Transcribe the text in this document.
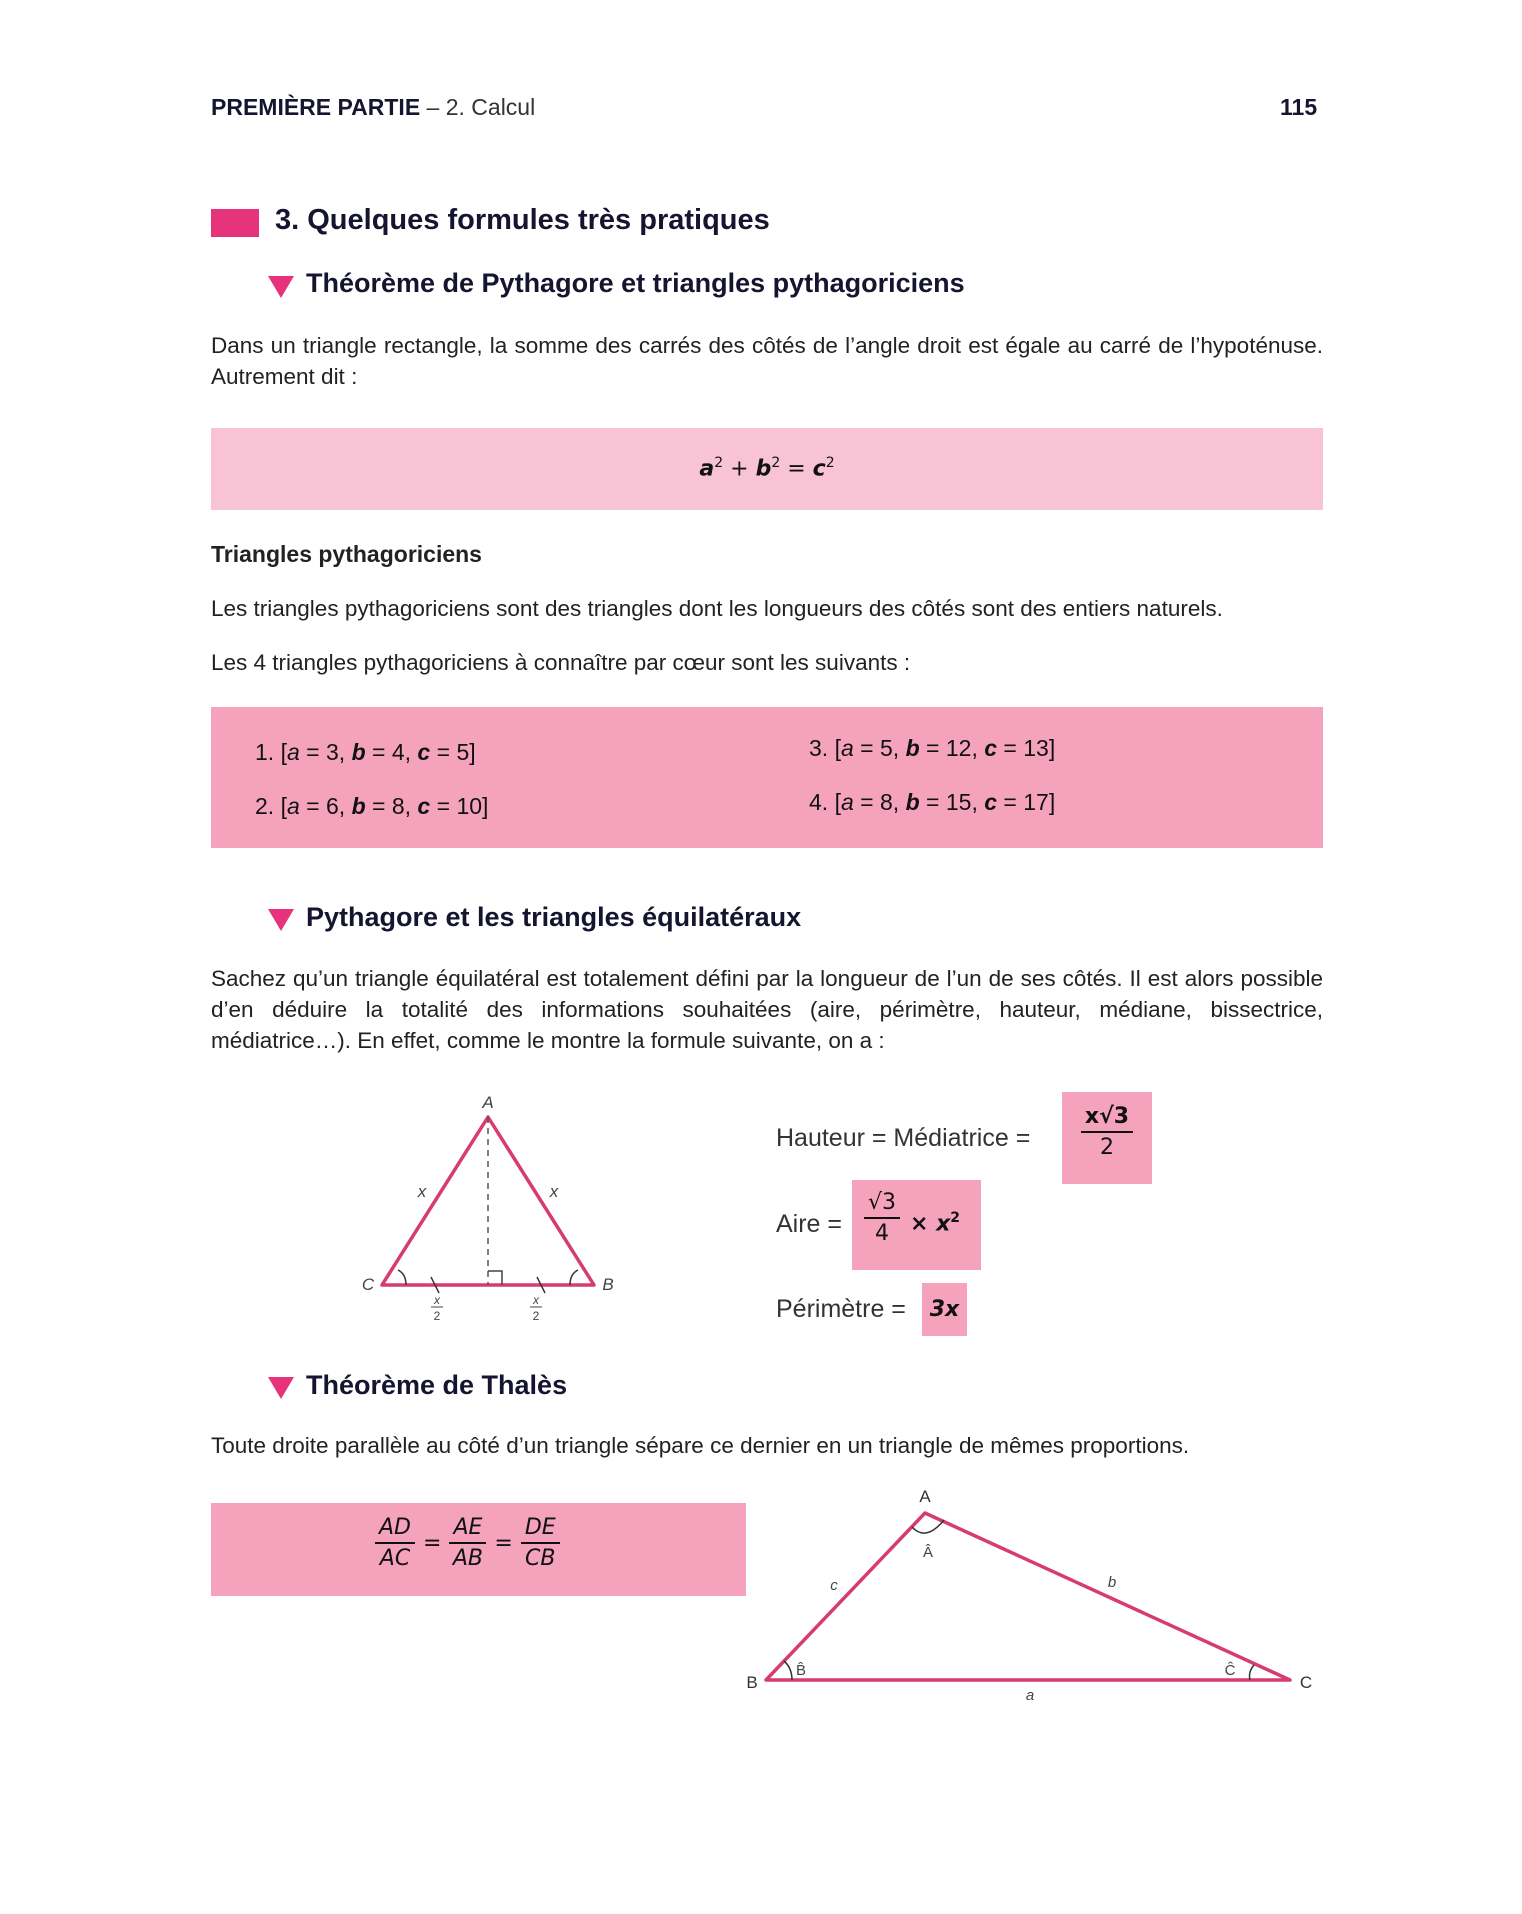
PREMIÈRE PARTIE – 2. Calcul	115
3. Quelques formules très pratiques
Théorème de Pythagore et triangles pythagoriciens
Dans un triangle rectangle, la somme des carrés des côtés de l’angle droit est égale au carré de l’hypoténuse. Autrement dit :
$a^2 + b^2 = c^2$
Triangles pythagoriciens
Les triangles pythagoriciens sont des triangles dont les longueurs des côtés sont des entiers naturels.
Les 4 triangles pythagoriciens à connaître par cœur sont les suivants :
1. [a = 3, b = 4, c = 5]
2. [a = 6, b = 8, c = 10]
3. [a = 5, b = 12, c = 13]
4. [a = 8, b = 15, c = 17]
Pythagore et les triangles équilatéraux
Sachez qu’un triangle équilatéral est totalement défini par la longueur de l’un de ses côtés. Il est alors possible d’en déduire la totalité des informations souhaitées (aire, périmètre, hauteur, médiane, bissectrice, médiatrice…). En effet, comme le montre la formule suivante, on a :
A
C	B
x	x
x
2
x
2
Hauteur = Médiatrice = $\frac{x√3}{2}$
Aire = $\frac{√3}{4} \times x^2$
Périmètre =	3x
Théorème de Thalès
Toute droite parallèle au côté d’un triangle sépare ce dernier en un triangle de mêmes proportions.
$\frac{AD}{AC} = \frac{AE}{AB} = \frac{DE}{CB}$
A
B	C
Â
B̂	Ĉ
c	b
a
